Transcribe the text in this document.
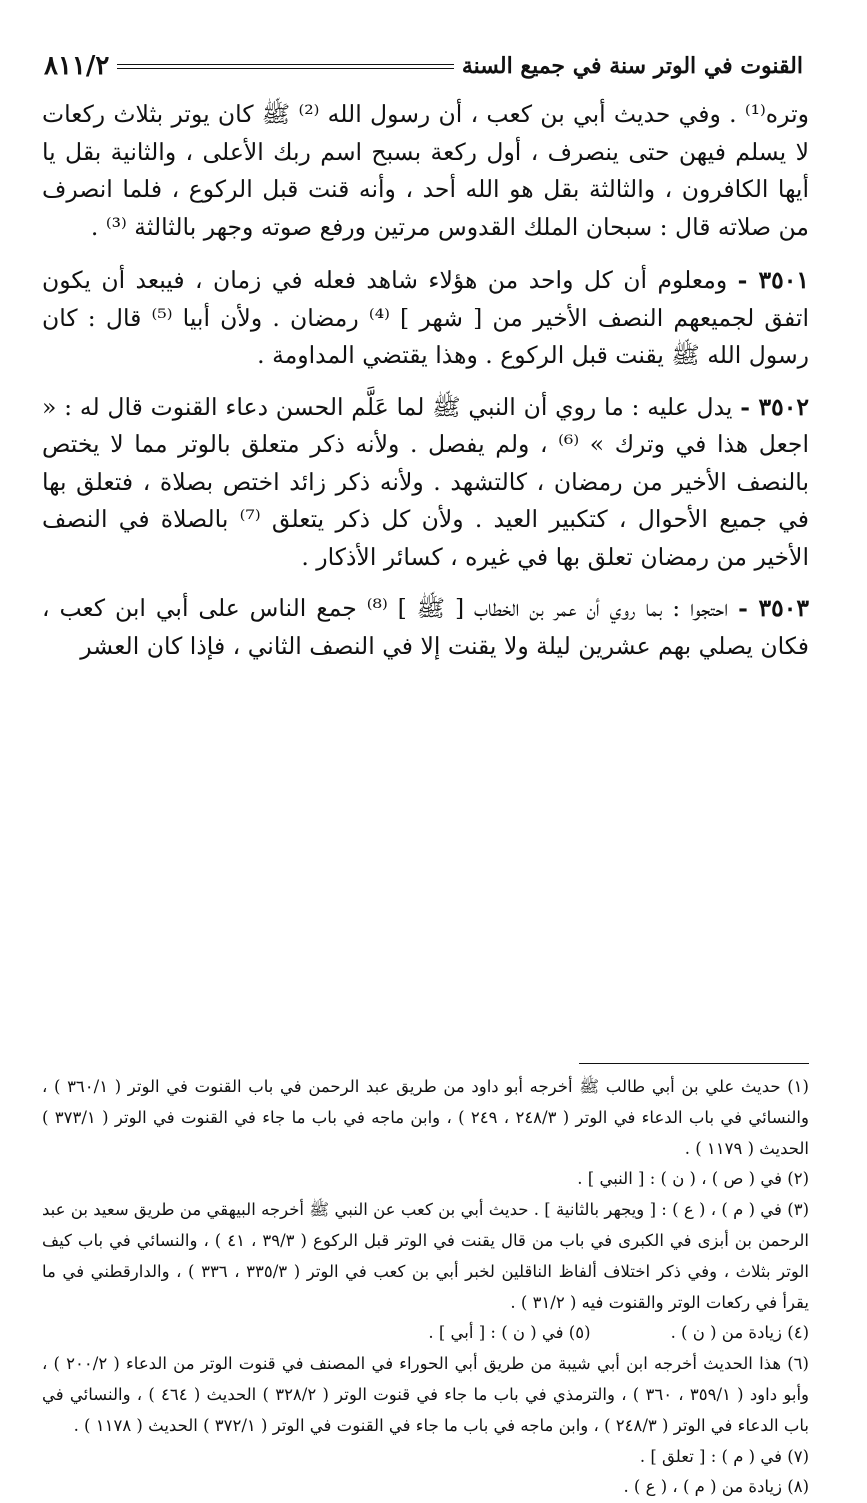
القنوت في الوتر سنة في جميع السنة
٨١١/٢

وتره⁽¹⁾ . وفي حديث أبي بن كعب ، أن رسول الله ⁽²⁾ ﷺ كان يوتر بثلاث ركعات لا يسلم فيهن حتى ينصرف ، أول ركعة بسبح اسم ربك الأعلى ، والثانية بقل يا أيها الكافرون ، والثالثة بقل هو الله أحد ، وأنه قنت قبل الركوع ، فلما انصرف من صلاته قال : سبحان الملك القدوس مرتين ورفع صوته وجهر بالثالثة ⁽³⁾ .

٣٥٠١ - ومعلوم أن كل واحد من هؤلاء شاهد فعله في زمان ، فيبعد أن يكون اتفق لجميعهم النصف الأخير من [ شهر ] ⁽⁴⁾ رمضان . ولأن أبيا ⁽⁵⁾ قال : كان رسول الله ﷺ يقنت قبل الركوع . وهذا يقتضي المداومة .

٣٥٠٢ - يدل عليه : ما روي أن النبي ﷺ لما عَلَّم الحسن دعاء القنوت قال له : « اجعل هذا في وترك » ⁽⁶⁾ ، ولم يفصل . ولأنه ذكر متعلق بالوتر مما لا يختص بالنصف الأخير من رمضان ، كالتشهد . ولأنه ذكر زائد اختص بصلاة ، فتعلق بها في جميع الأحوال ، كتكبير العيد . ولأن كل ذكر يتعلق ⁽⁷⁾ بالصلاة في النصف الأخير من رمضان تعلق بها في غيره ، كسائر الأذكار .

٣٥٠٣ - احتجوا : بما روي أن عمر بن الخطاب [ ﷺ ] ⁽⁸⁾ جمع الناس على أبي ابن كعب ، فكان يصلي بهم عشرين ليلة ولا يقنت إلا في النصف الثاني ، فإذا كان العشر

(١) حديث علي بن أبي طالب ﷺ أخرجه أبو داود من طريق عبد الرحمن في باب القنوت في الوتر ( ٣٦٠/١ ) ، والنسائي في باب الدعاء في الوتر ( ٢٤٨/٣ ، ٢٤٩ ) ، وابن ماجه في باب ما جاء في القنوت في الوتر ( ٣٧٣/١ ) الحديث ( ١١٧٩ ) .

(٢) في ( ص ) ، ( ن ) : [ النبي ] .

(٣) في ( م ) ، ( ع ) : [ ويجهر بالثانية ] . حديث أبي بن كعب عن النبي ﷺ أخرجه البيهقي من طريق سعيد بن عبد الرحمن بن أبزى في الكبرى في باب من قال يقنت في الوتر قبل الركوع ( ٣٩/٣ ، ٤١ ) ، والنسائي في باب كيف الوتر بثلاث ، وفي ذكر اختلاف ألفاظ الناقلين لخبر أبي بن كعب في الوتر ( ٣٣٥/٣ ، ٣٣٦ ) ، والدارقطني في ما يقرأ في ركعات الوتر والقنوت فيه ( ٣١/٢ ) .

(٤) زيادة من ( ن ) .
(٥) في ( ن ) : [ أبي ] .

(٦) هذا الحديث أخرجه ابن أبي شيبة من طريق أبي الحوراء في المصنف في قنوت الوتر من الدعاء ( ٢٠٠/٢ ) ، وأبو داود ( ٣٥٩/١ ، ٣٦٠ ) ، والترمذي في باب ما جاء في قنوت الوتر ( ٣٢٨/٢ ) الحديث ( ٤٦٤ ) ، والنسائي في باب الدعاء في الوتر ( ٢٤٨/٣ ) ، وابن ماجه في باب ما جاء في القنوت في الوتر ( ٣٧٢/١ ) الحديث ( ١١٧٨ ) .

(٧) في ( م ) : [ تعلق ] .

(٨) زيادة من ( م ) ، ( ع ) .
